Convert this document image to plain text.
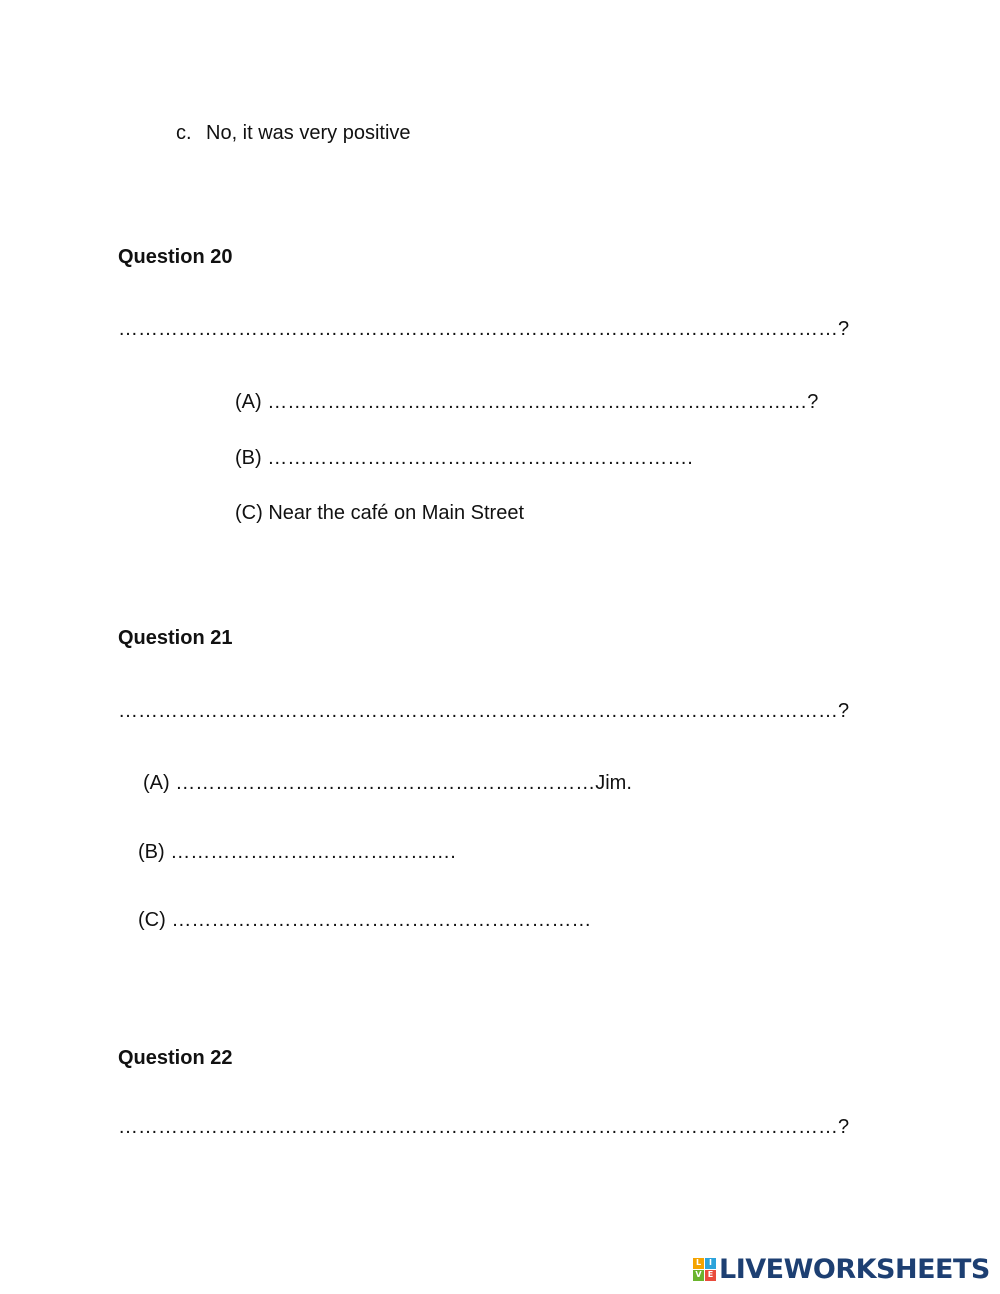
c. No, it was very positive
Question 20
………………………………………………………………………………………………?
(A) ………………………………………………………………………?
(B) ……………………………………………………….
(C) Near the café on Main Street
Question 21
………………………………………………………………………………………………?
(A) ………………………………………………………Jim.
(B) …………………………………….
(C) ………………………………………………………
Question 22
………………………………………………………………………………………………?
L I
V E LIVEWORKSHEETS
